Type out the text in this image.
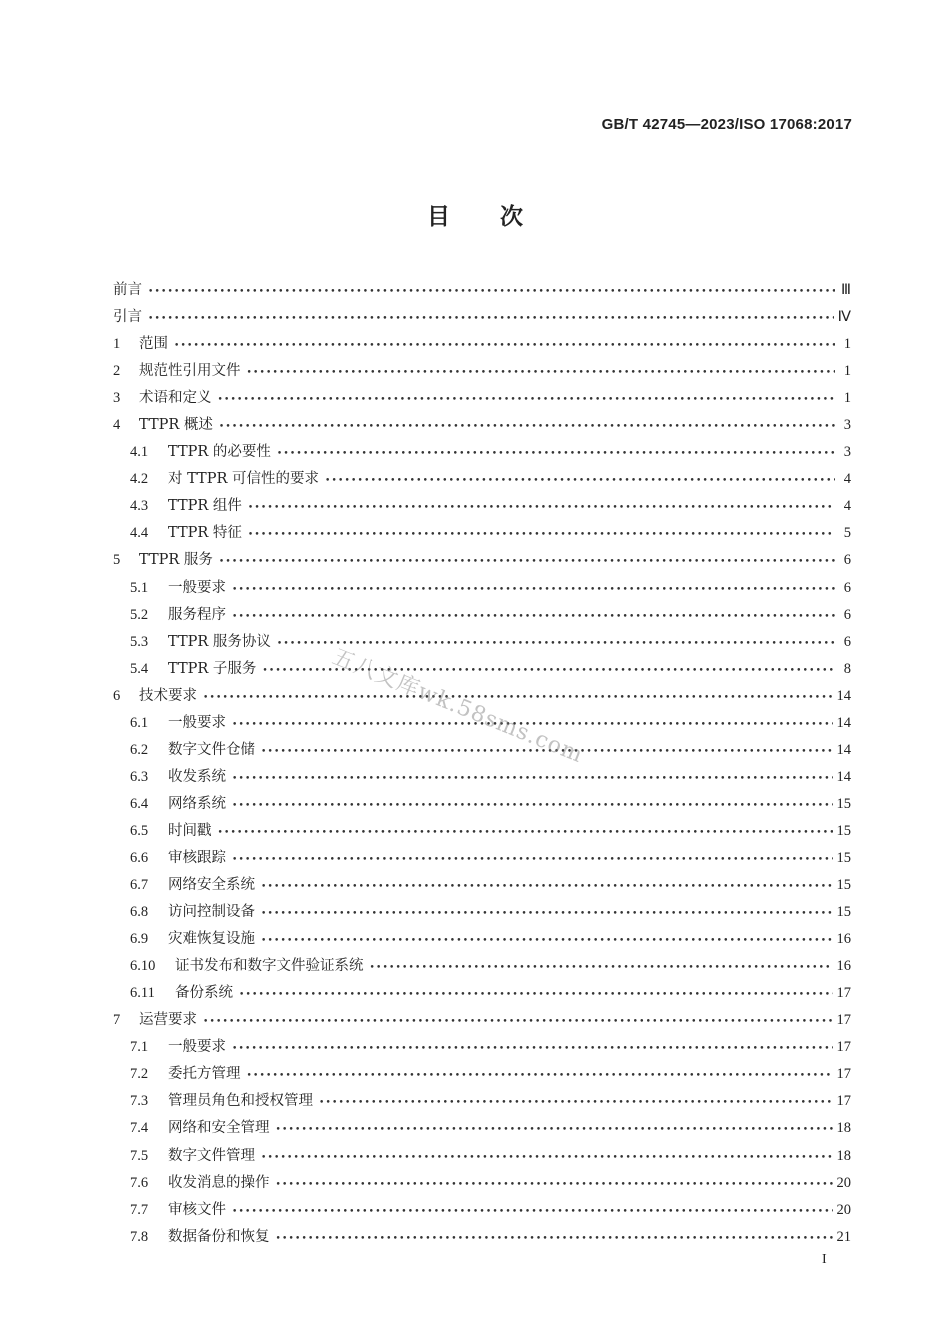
GB/T 42745—2023/ISO 17068:2017
目次
前言 •••••	Ⅲ
引言 •••••	Ⅳ
1	范围 •••••	1
2	规范性引用文件 •••••	1
3	术语和定义 •••••	1
4	TTPR 概述 •••••	3
4.1	TTPR 的必要性 •••••	3
4.2	对 TTPR 可信性的要求 •••••	4
4.3	TTPR 组件 •••••	4
4.4	TTPR 特征 •••••	5
5	TTPR 服务 •••••	6
5.1	一般要求 •••••	6
5.2	服务程序 •••••	6
5.3	TTPR 服务协议 •••••	6
5.4	TTPR 子服务 •••••	8
6	技术要求 •••••	14
6.1	一般要求 •••••	14
6.2	数字文件仓储 •••••	14
6.3	收发系统 •••••	14
6.4	网络系统 •••••	15
6.5	时间戳 •••••	15
6.6	审核跟踪 •••••	15
6.7	网络安全系统 •••••	15
6.8	访问控制设备 •••••	15
6.9	灾难恢复设施 •••••	16
6.10	证书发布和数字文件验证系统 •••••	16
6.11	备份系统 •••••	17
7	运营要求 •••••	17
7.1	一般要求 •••••	17
7.2	委托方管理 •••••	17
7.3	管理员角色和授权管理 •••••	17
7.4	网络和安全管理 •••••	18
7.5	数字文件管理 •••••	18
7.6	收发消息的操作 •••••	20
7.7	审核文件 •••••	20
7.8	数据备份和恢复 •••••	21
I
五八文库wk.58sms.com
